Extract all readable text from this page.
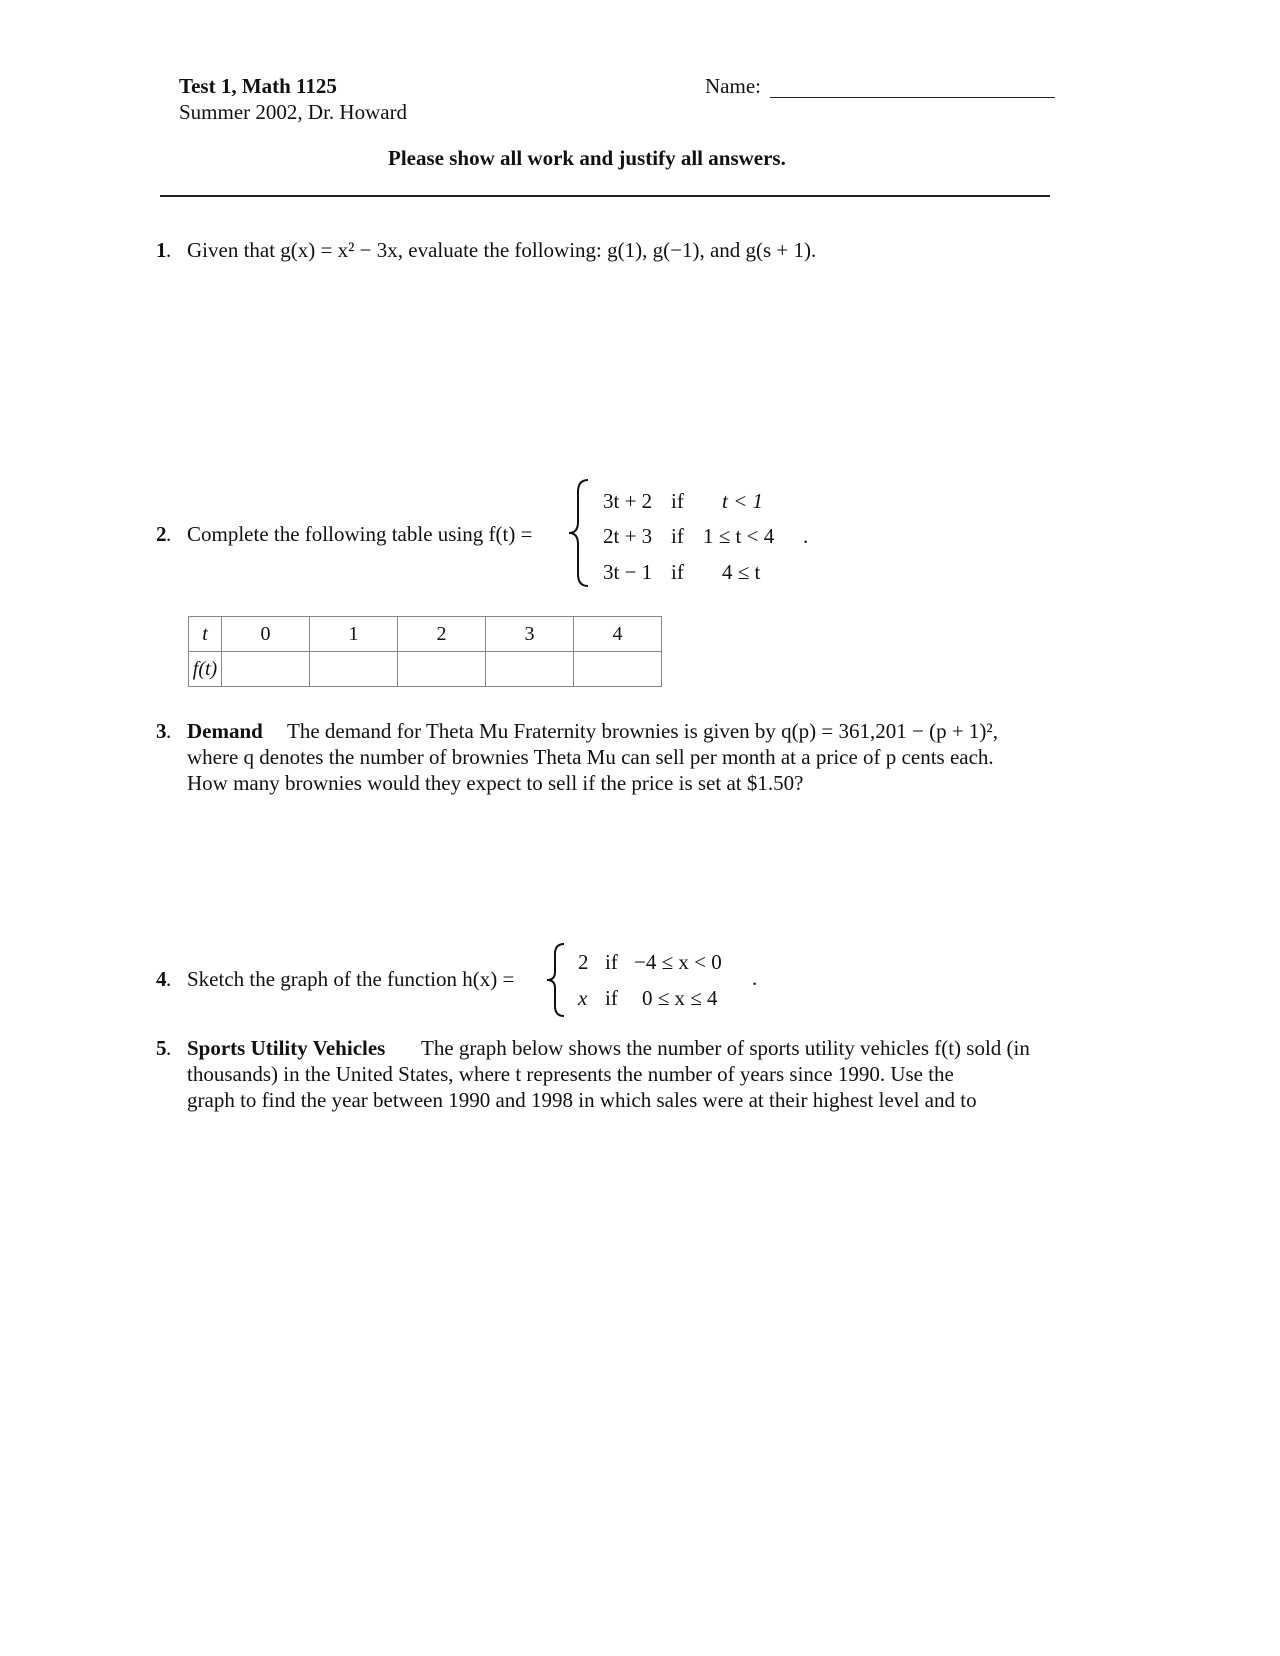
Test 1, Math 1125
Summer 2002, Dr. Howard
Name:
Please show all work and justify all answers.
1 . Given that g(x) = x² − 3x, evaluate the following: g(1), g(−1), and g(s + 1).
2 . Complete the following table using f(t) =
3t + 2 if t < 1
2t + 3 if 1 ≤ t < 4 .
3t − 1 if 4 ≤ t
t	0	1	2	3	4
f(t)					
3 . Demand The demand for Theta Mu Fraternity brownies is given by q(p) = 361,201 − (p + 1)²,
where q denotes the number of brownies Theta Mu can sell per month at a price of p cents each.
How many brownies would they expect to sell if the price is set at $1.50?
4 . Sketch the graph of the function h(x) =
2 if −4 ≤ x < 0
x if 0 ≤ x ≤ 4
.
5 . Sports Utility Vehicles The graph below shows the number of sports utility vehicles f(t) sold (in
thousands) in the United States, where t represents the number of years since 1990. Use the
graph to find the year between 1990 and 1998 in which sales were at their highest level and to
